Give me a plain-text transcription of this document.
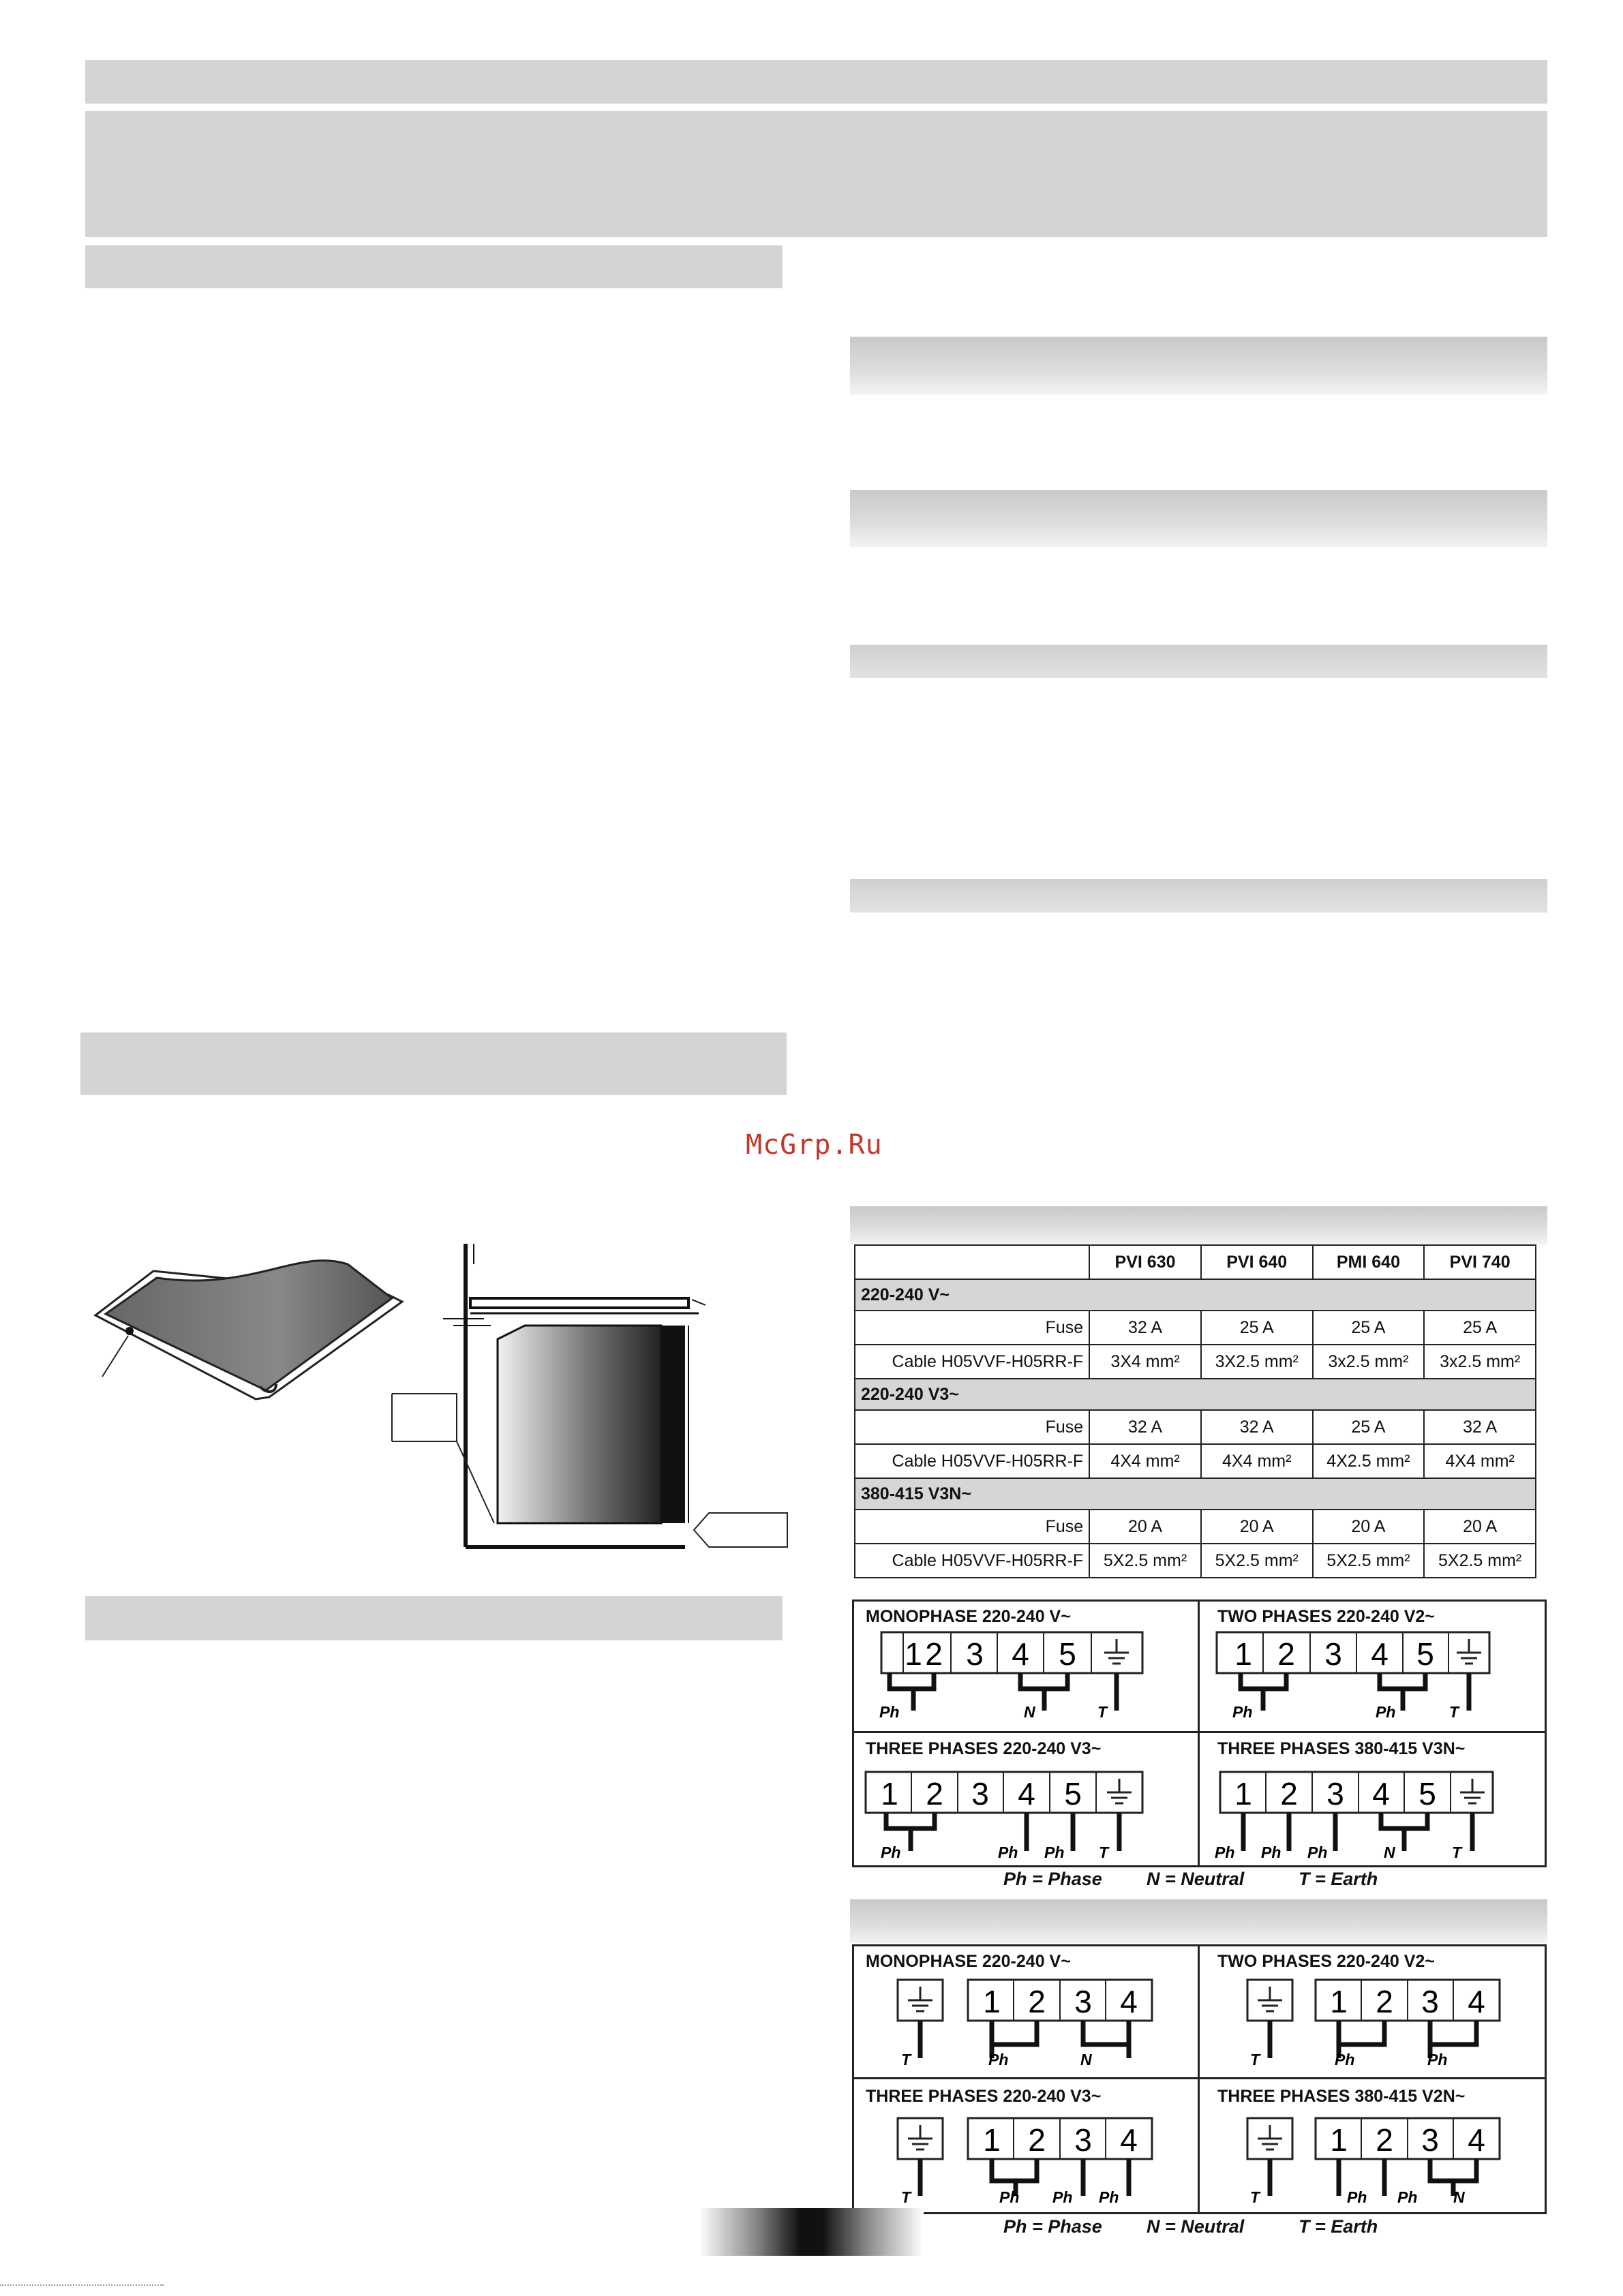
McGrp.Ru
	PVI 630	PVI 640	PMI 640	PVI 740
220-240 V~				
Fuse	32 A	25 A	25 A	25 A
Cable H05VVF-H05RR-F	3X4 mm²	3X2.5 mm²	3x2.5 mm²	3x2.5 mm²
220-240 V3~				
Fuse	32 A	32 A	25 A	32 A
Cable H05VVF-H05RR-F	4X4 mm²	4X4 mm²	4X2.5 mm²	4X4 mm²
380-415 V3N~				
Fuse	20 A	20 A	20 A	20 A
Cable H05VVF-H05RR-F	5X2.5 mm²	5X2.5 mm²	5X2.5 mm²	5X2.5 mm²
MONOPHASE 220-240 V~	TWO PHASES 220-240 V2~
THREE PHASES 220-240 V3~	THREE PHASES 380-415 V3N~
1 2 3 4 5
Ph	N	T
1 2 3 4 5
Ph	Ph	T
1 2 3 4 5
Ph	Ph Ph T
1 2 3 4 5
Ph Ph Ph	N	T
Ph = Phase N = Neutral	T = Earth
MONOPHASE 220-240 V~	TWO PHASES 220-240 V2~
THREE PHASES 220-240 V3~	THREE PHASES 380-415 V2N~
1 2 3 4
T	Ph	N
1 2 3 4
T	Ph	Ph
1 2 3 4
T	Ph Ph Ph
1 2 3 4
T	Ph Ph N
Ph = Phase N = Neutral	T = Earth
